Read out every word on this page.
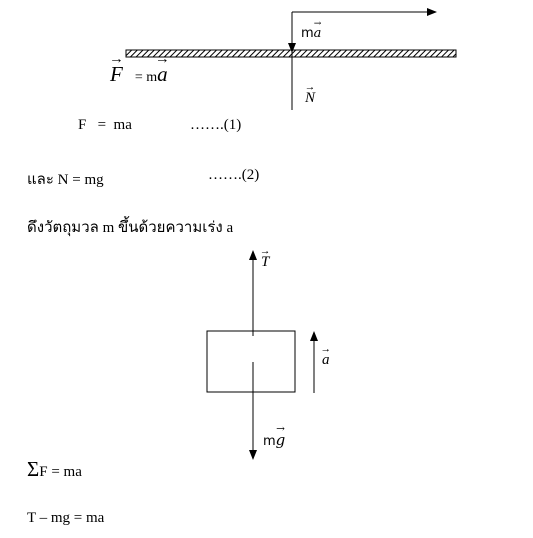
→ F = m→ a
m→ a
→ N
F   =  ma	…….(1)
และ N = mg	…….(2)
ดึงวัตถุมวล m ขึ้นด้วยความเร่ง a
→ T
→ a
m→ g
ΣF = ma
T – mg = ma
